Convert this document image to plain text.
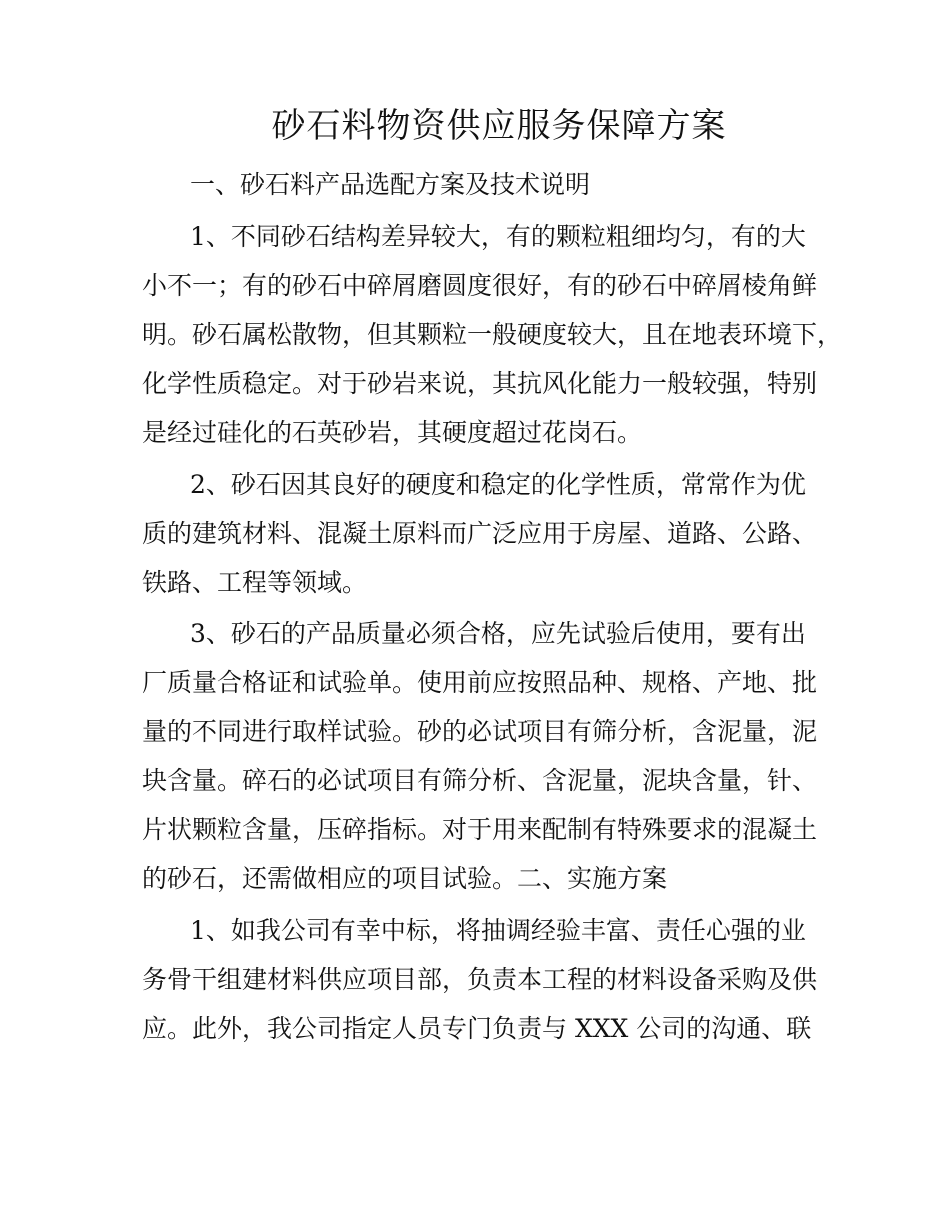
砂石料物资供应服务保障方案

一、砂石料产品选配方案及技术说明

1、不同砂石结构差异较大，有的颗粒粗细均匀，有的大

小不一；有的砂石中碎屑磨圆度很好，有的砂石中碎屑棱角鲜

明。砂石属松散物，但其颗粒一般硬度较大，且在地表环境下，

化学性质稳定。对于砂岩来说，其抗风化能力一般较强，特别

是经过硅化的石英砂岩，其硬度超过花岗石。

2、砂石因其良好的硬度和稳定的化学性质，常常作为优

质的建筑材料、混凝土原料而广泛应用于房屋、道路、公路、

铁路、工程等领域。

3、砂石的产品质量必须合格，应先试验后使用，要有出

厂质量合格证和试验单。使用前应按照品种、规格、产地、批

量的不同进行取样试验。砂的必试项目有筛分析，含泥量，泥

块含量。碎石的必试项目有筛分析、含泥量，泥块含量，针、

片状颗粒含量，压碎指标。对于用来配制有特殊要求的混凝土

的砂石，还需做相应的项目试验。二、实施方案

1、如我公司有幸中标，将抽调经验丰富、责任心强的业

务骨干组建材料供应项目部，负责本工程的材料设备采购及供

应。此外，我公司指定人员专门负责与 XXX 公司的沟通、联
